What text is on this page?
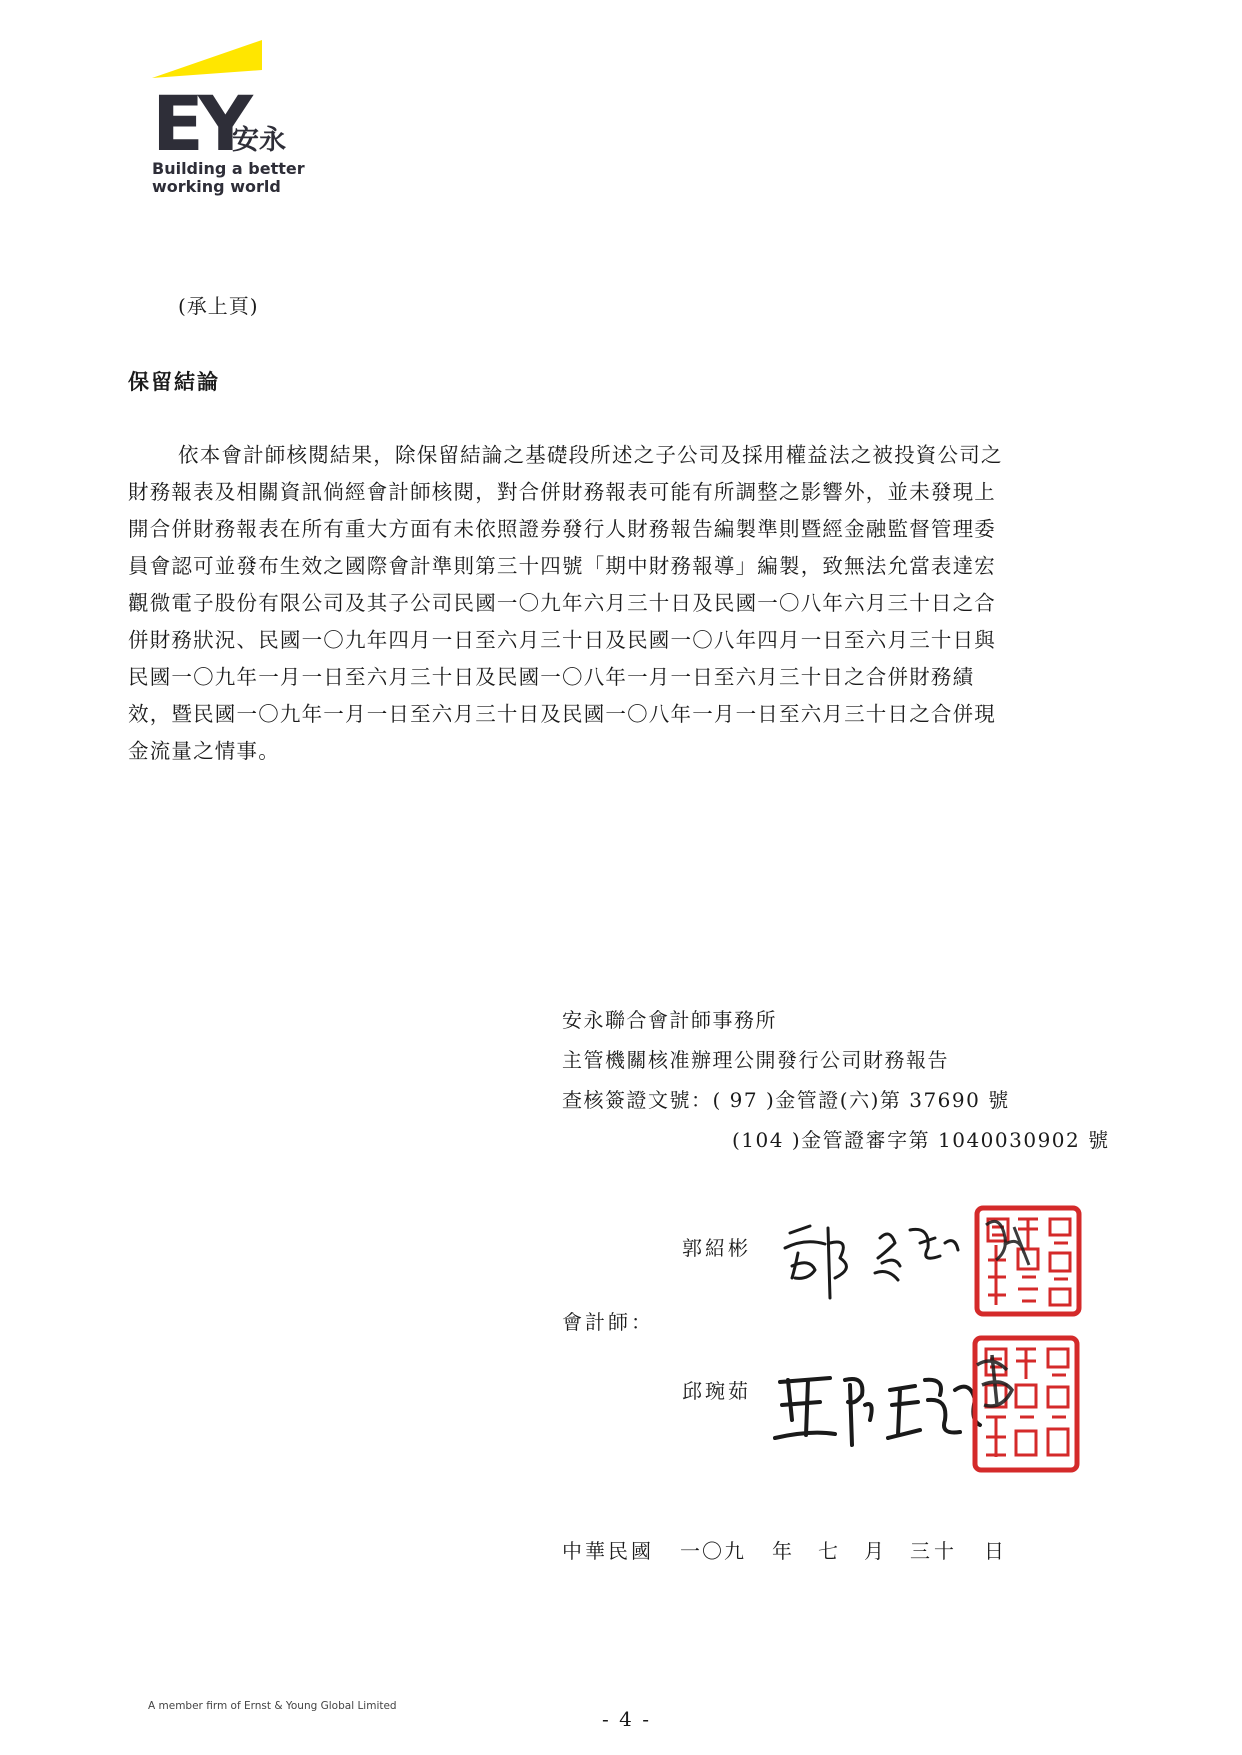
EY
安永
Building a better
working world
(承上頁)
保留結論
依本會計師核閱結果，除保留結論之基礎段所述之子公司及採用權益法之被投資公司之
財務報表及相關資訊倘經會計師核閱，對合併財務報表可能有所調整之影響外，並未發現上
開合併財務報表在所有重大方面有未依照證券發行人財務報告編製準則暨經金融監督管理委
員會認可並發布生效之國際會計準則第三十四號「期中財務報導」編製，致無法允當表達宏
觀微電子股份有限公司及其子公司民國一〇九年六月三十日及民國一〇八年六月三十日之合
併財務狀況、民國一〇九年四月一日至六月三十日及民國一〇八年四月一日至六月三十日與
民國一〇九年一月一日至六月三十日及民國一〇八年一月一日至六月三十日之合併財務績
效，暨民國一〇九年一月一日至六月三十日及民國一〇八年一月一日至六月三十日之合併現
金流量之情事。
安永聯合會計師事務所
主管機關核准辦理公開發行公司財務報告
查核簽證文號：( 97 )金管證(六)第 37690 號
(104 )金管證審字第 1040030902 號
郭紹彬
會計師：
邱琬茹
中華民國 一〇九 年 七 月 三十 日
A member firm of Ernst & Young Global Limited
- 4 -
